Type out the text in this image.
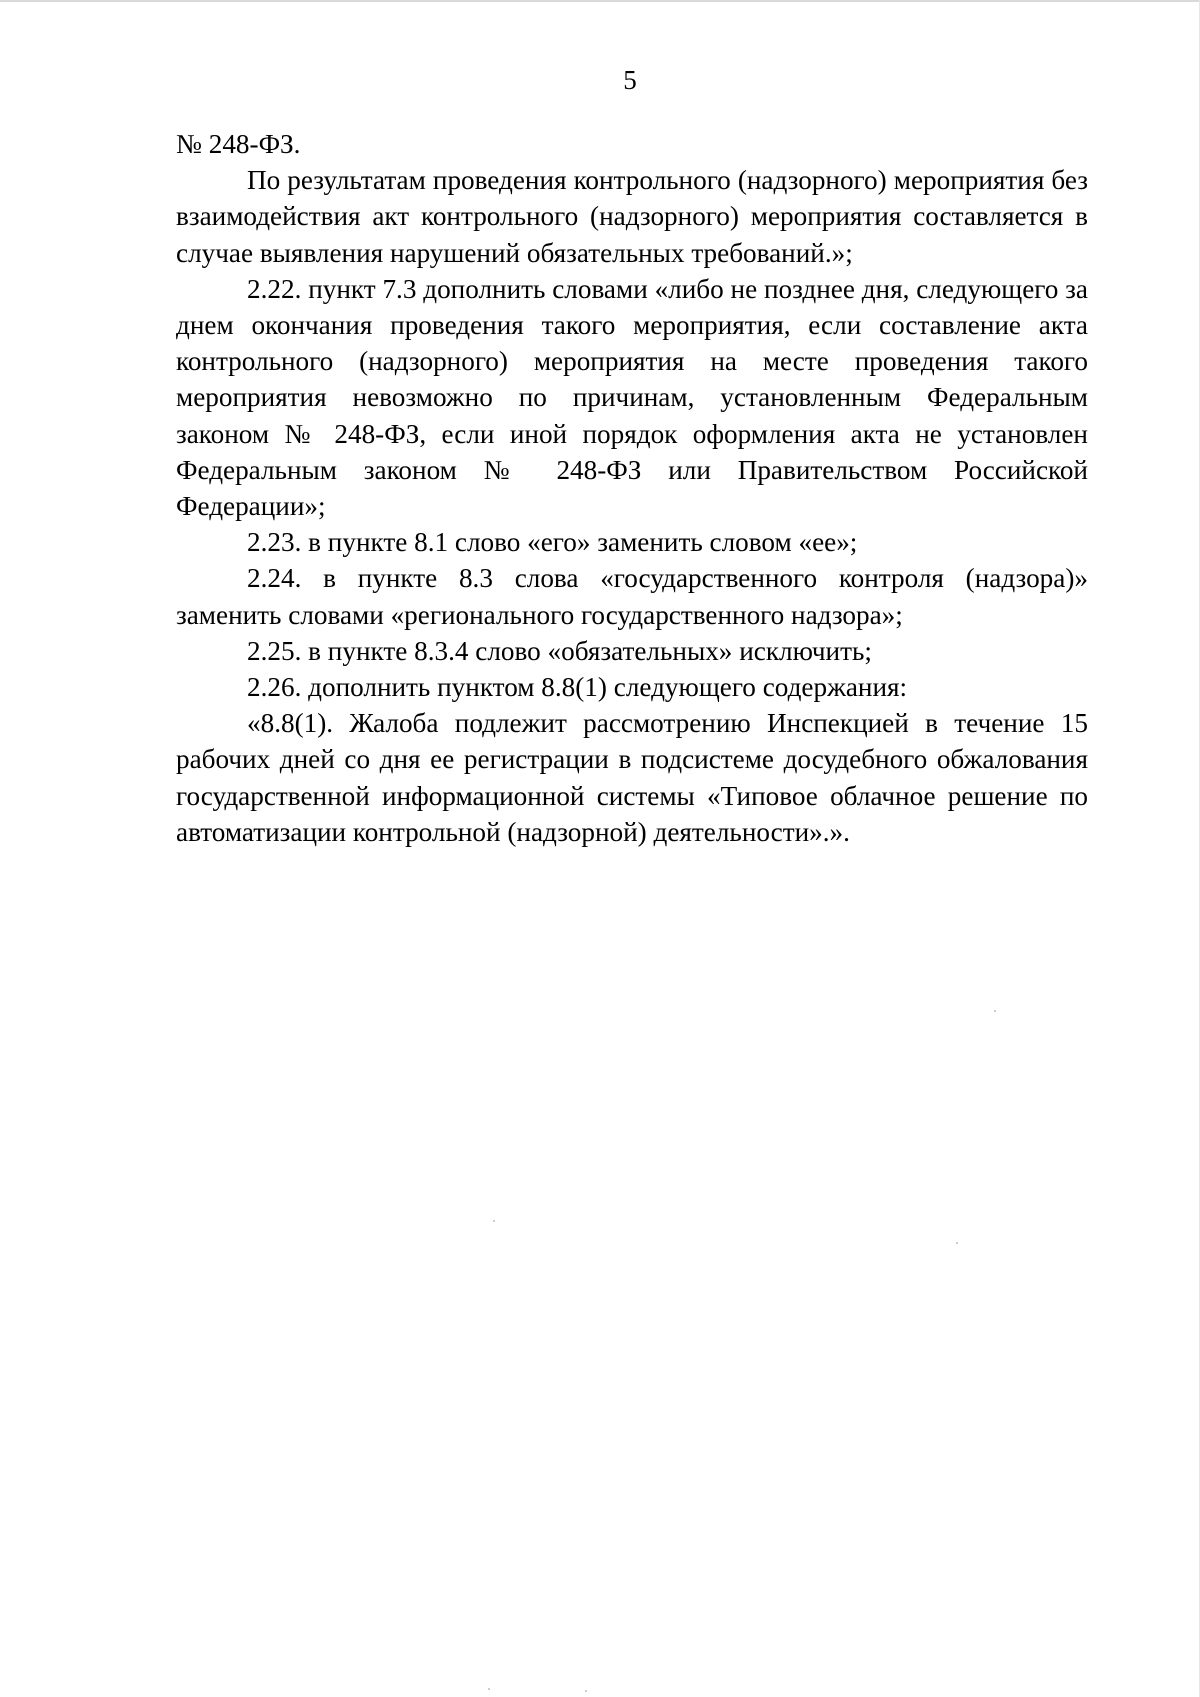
5

№ 248-ФЗ.

По результатам проведения контрольного (надзорного) мероприятия без взаимодействия акт контрольного (надзорного) мероприятия составляется в случае выявления нарушений обязательных требований.»;

2.22. пункт 7.3 дополнить словами «либо не позднее дня, следующего за днем окончания проведения такого мероприятия, если составление акта контрольного (надзорного) мероприятия на месте проведения такого мероприятия невозможно по причинам, установленным Федеральным законом № 248-ФЗ, если иной порядок оформления акта не установлен Федеральным законом № 248-ФЗ или Правительством Российской Федерации»;

2.23. в пункте 8.1 слово «его» заменить словом «ее»;

2.24. в пункте 8.3 слова «государственного контроля (надзора)» заменить словами «регионального государственного надзора»;

2.25. в пункте 8.3.4 слово «обязательных» исключить;

2.26. дополнить пунктом 8.8(1) следующего содержания:

«8.8(1). Жалоба подлежит рассмотрению Инспекцией в течение 15 рабочих дней со дня ее регистрации в подсистеме досудебного обжалования государственной информационной системы «Типовое облачное решение по автоматизации контрольной (надзорной) деятельности».».
